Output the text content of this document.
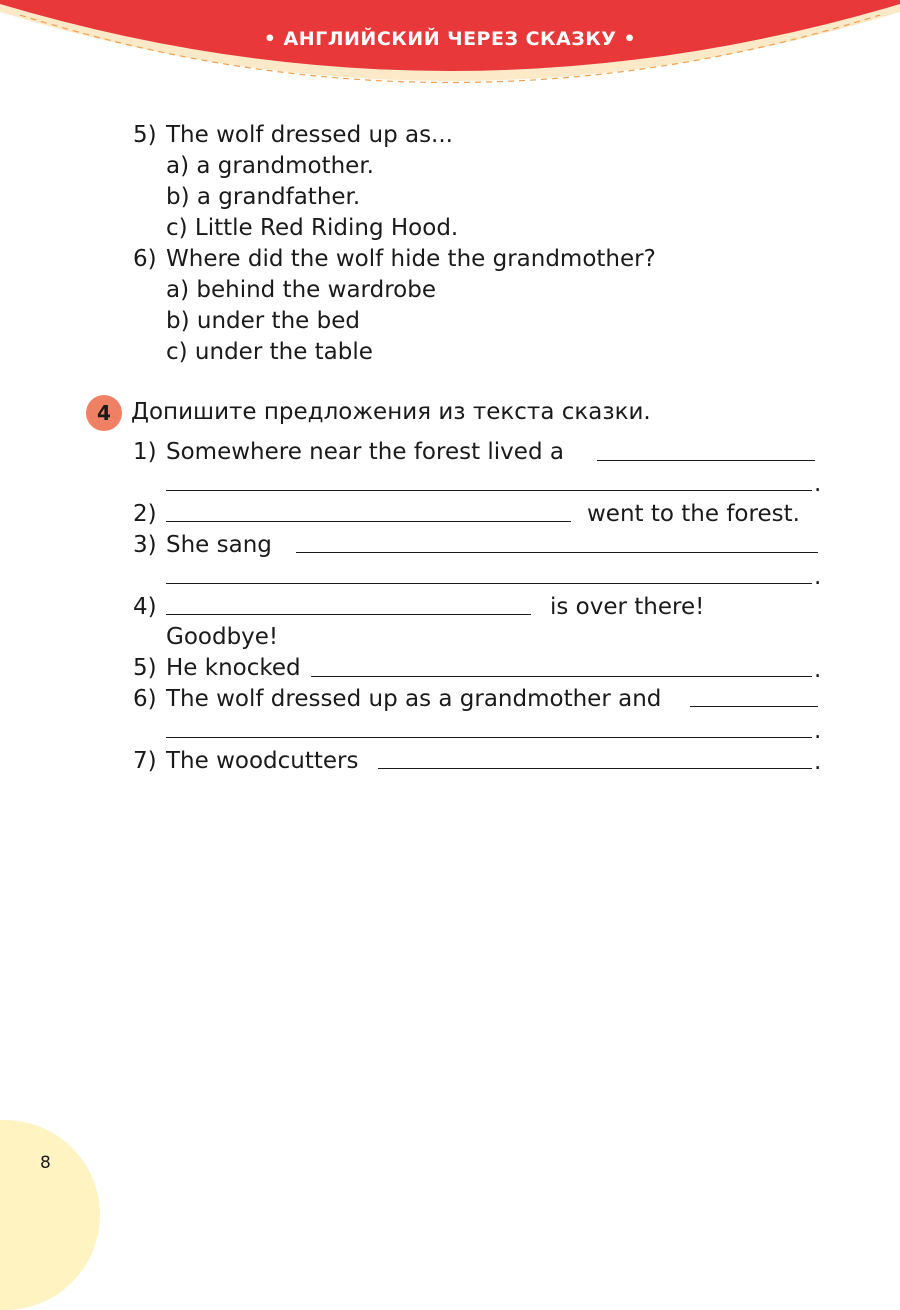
• АНГЛИЙСКИЙ ЧЕРЕЗ СКАЗКУ •
5) The wolf dressed up as...
a) a grandmother.
b) a grandfather.
c) Little Red Riding Hood.
6) Where did the wolf hide the grandmother?
a) behind the wardrobe
b) under the bed
c) under the table
4 Допишите предложения из текста сказки.
1) Somewhere near the forest lived a
.
2)	went to the forest.
3) She sang
.
4)	is over there!
Goodbye!
5) He knocked	.
6) The wolf dressed up as a grandmother and
.
7) The woodcutters	.
8
